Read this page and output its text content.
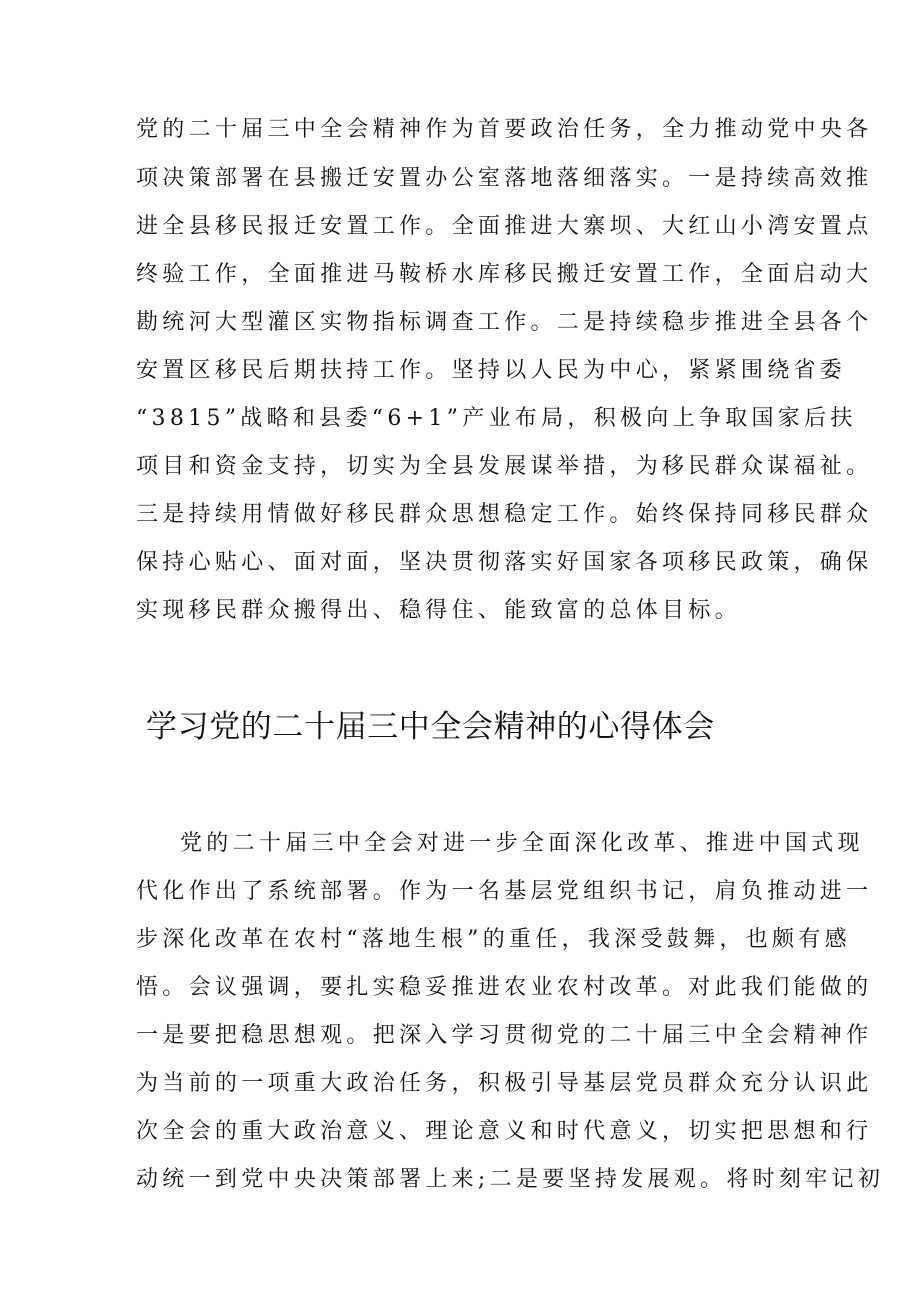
党的二十届三中全会精神作为首要政治任务，全力推动党中央各
项决策部署在县搬迁安置办公室落地落细落实。一是持续高效推
进全县移民报迁安置工作。全面推进大寨坝、大红山小湾安置点
终验工作，全面推进马鞍桥水库移民搬迁安置工作，全面启动大
勘统河大型灌区实物指标调查工作。二是持续稳步推进全县各个
安置区移民后期扶持工作。坚持以人民为中心，紧紧围绕省委
“3815”战略和县委“6+1”产业布局，积极向上争取国家后扶
项目和资金支持，切实为全县发展谋举措，为移民群众谋福祉。
三是持续用情做好移民群众思想稳定工作。始终保持同移民群众
保持心贴心、面对面，坚决贯彻落实好国家各项移民政策，确保
实现移民群众搬得出、稳得住、能致富的总体目标。
学习党的二十届三中全会精神的心得体会
党的二十届三中全会对进一步全面深化改革、推进中国式现
代化作出了系统部署。作为一名基层党组织书记，肩负推动进一
步深化改革在农村“落地生根”的重任，我深受鼓舞，也颇有感
悟。会议强调，要扎实稳妥推进农业农村改革。对此我们能做的
一是要把稳思想观。把深入学习贯彻党的二十届三中全会精神作
为当前的一项重大政治任务，积极引导基层党员群众充分认识此
次全会的重大政治意义、理论意义和时代意义，切实把思想和行
动统一到党中央决策部署上来;二是要坚持发展观。将时刻牢记初
